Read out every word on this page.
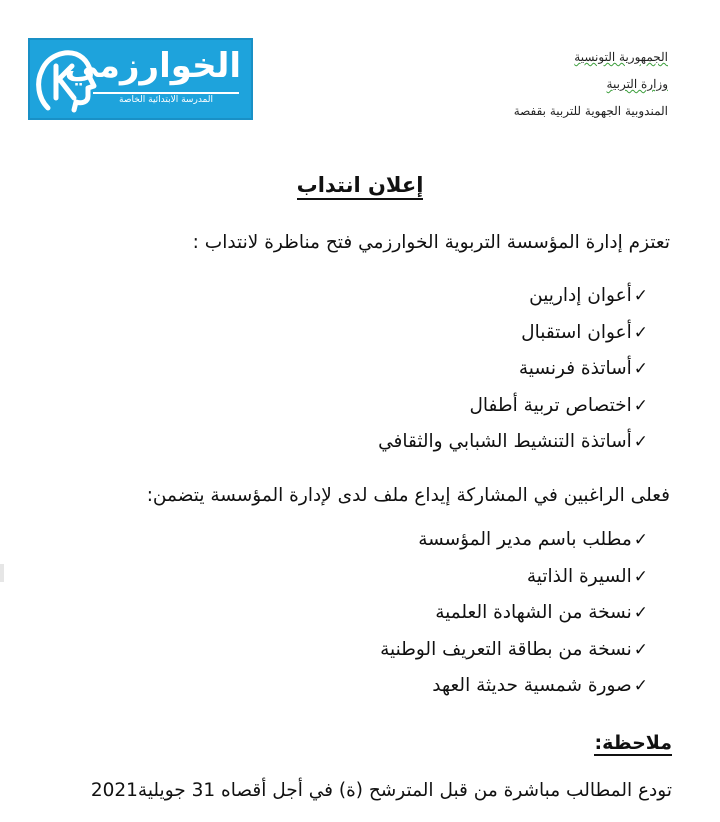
الخوارزمي
المدرسة الابتدائية الخاصة
الجمهورية التونسية
وزارة التربية
المندوبية الجهوية للتربية بقفصة
إعلان انتداب
تعتزم إدارة المؤسسة التربوية الخوارزمي فتح مناظرة لانتداب :
✓أعوان إداريين
✓أعوان استقبال
✓أساتذة فرنسية
✓اختصاص تربية أطفال
✓أساتذة التنشيط الشبابي والثقافي
فعلى الراغبين في المشاركة إيداع ملف لدى لإدارة المؤسسة يتضمن:
✓مطلب باسم مدير المؤسسة
✓السيرة الذاتية
✓نسخة من الشهادة العلمية
✓نسخة من بطاقة التعريف الوطنية
✓صورة شمسية حديثة العهد
ملاحظة:
تودع المطالب مباشرة من قبل المترشح (ة) في أجل أقصاه 31 جويلية2021
